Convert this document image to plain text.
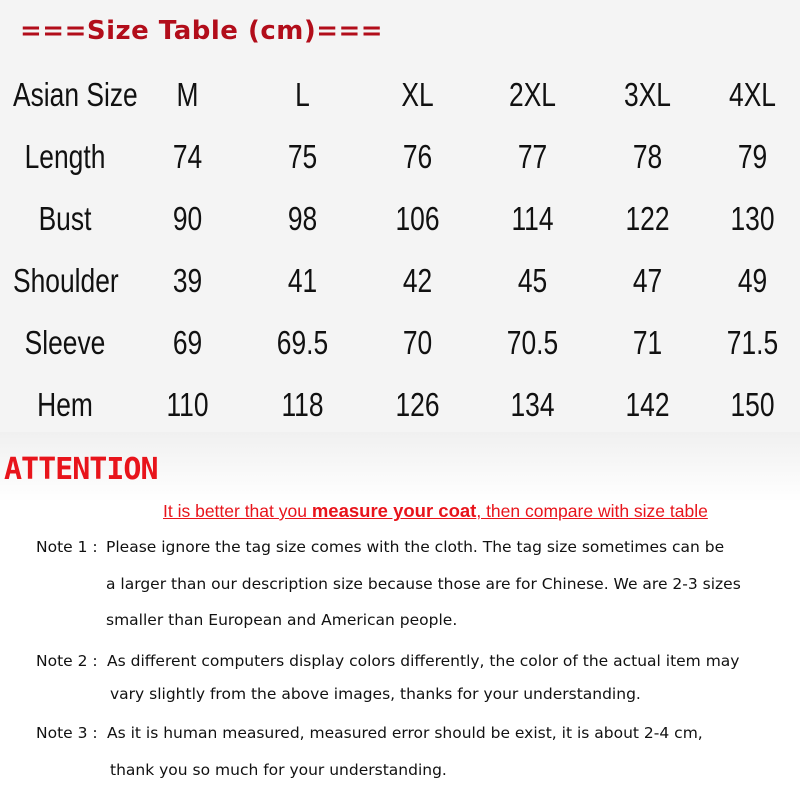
===Size Table (cm)===
Asian Size	M	L	XL	2XL	3XL	4XL
Length	74	75	76	77	78	79
Bust	90	98	106	114	122	130
Shoulder	39	41	42	45	47	49
Sleeve	69	69.5	70	70.5	71	71.5
Hem	110	118	126	134	142	150
ATTENTION
It is better that you measure your coat, then compare with size table
Note 1 : Please ignore the tag size comes with the cloth. The tag size sometimes can be
a larger than our description size because those are for Chinese. We are 2-3 sizes
smaller than European and American people.
Note 2 : As different computers display colors differently, the color of the actual item may
vary slightly from the above images, thanks for your understanding.
Note 3 : As it is human measured, measured error should be exist, it is about 2-4 cm,
thank you so much for your understanding.
